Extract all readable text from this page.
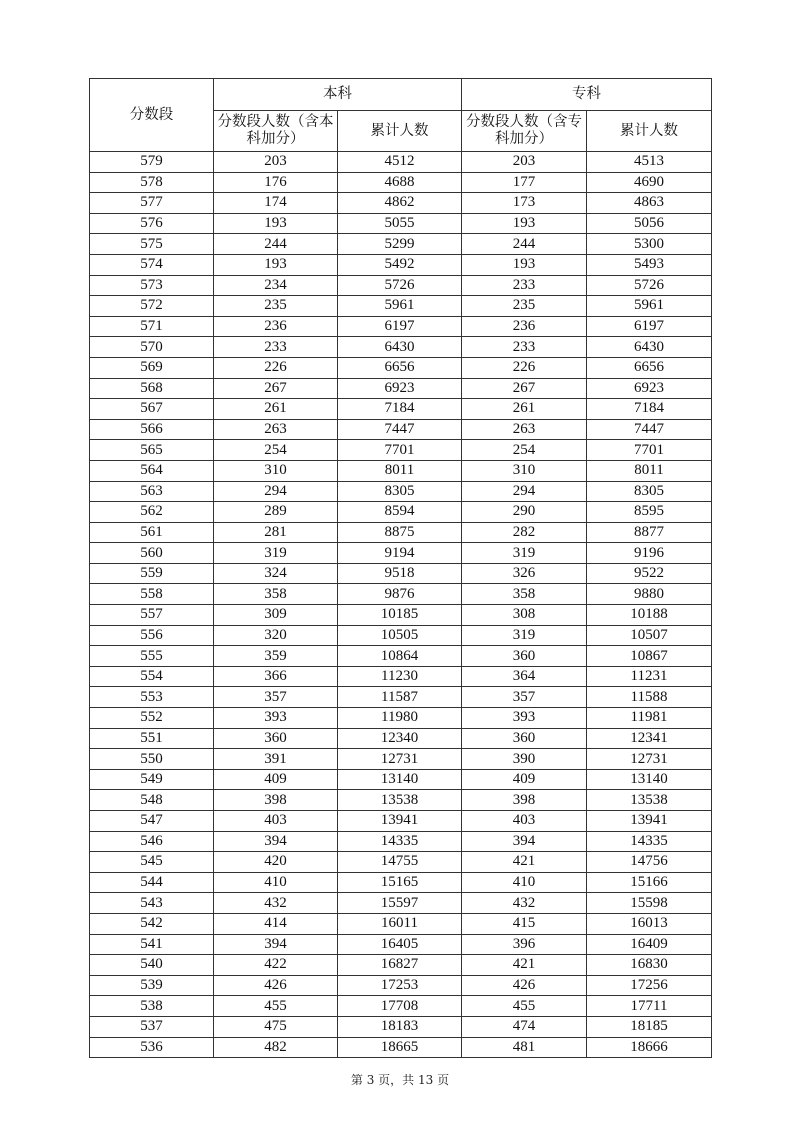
分数段	本科		专科	
	分数段人数（含本科加分）	累计人数	分数段人数（含专科加分）	累计人数
579	203	4512	203	4513
578	176	4688	177	4690
577	174	4862	173	4863
576	193	5055	193	5056
575	244	5299	244	5300
574	193	5492	193	5493
573	234	5726	233	5726
572	235	5961	235	5961
571	236	6197	236	6197
570	233	6430	233	6430
569	226	6656	226	6656
568	267	6923	267	6923
567	261	7184	261	7184
566	263	7447	263	7447
565	254	7701	254	7701
564	310	8011	310	8011
563	294	8305	294	8305
562	289	8594	290	8595
561	281	8875	282	8877
560	319	9194	319	9196
559	324	9518	326	9522
558	358	9876	358	9880
557	309	10185	308	10188
556	320	10505	319	10507
555	359	10864	360	10867
554	366	11230	364	11231
553	357	11587	357	11588
552	393	11980	393	11981
551	360	12340	360	12341
550	391	12731	390	12731
549	409	13140	409	13140
548	398	13538	398	13538
547	403	13941	403	13941
546	394	14335	394	14335
545	420	14755	421	14756
544	410	15165	410	15166
543	432	15597	432	15598
542	414	16011	415	16013
541	394	16405	396	16409
540	422	16827	421	16830
539	426	17253	426	17256
538	455	17708	455	17711
537	475	18183	474	18185
536	482	18665	481	18666
第 3 页，共 13 页
